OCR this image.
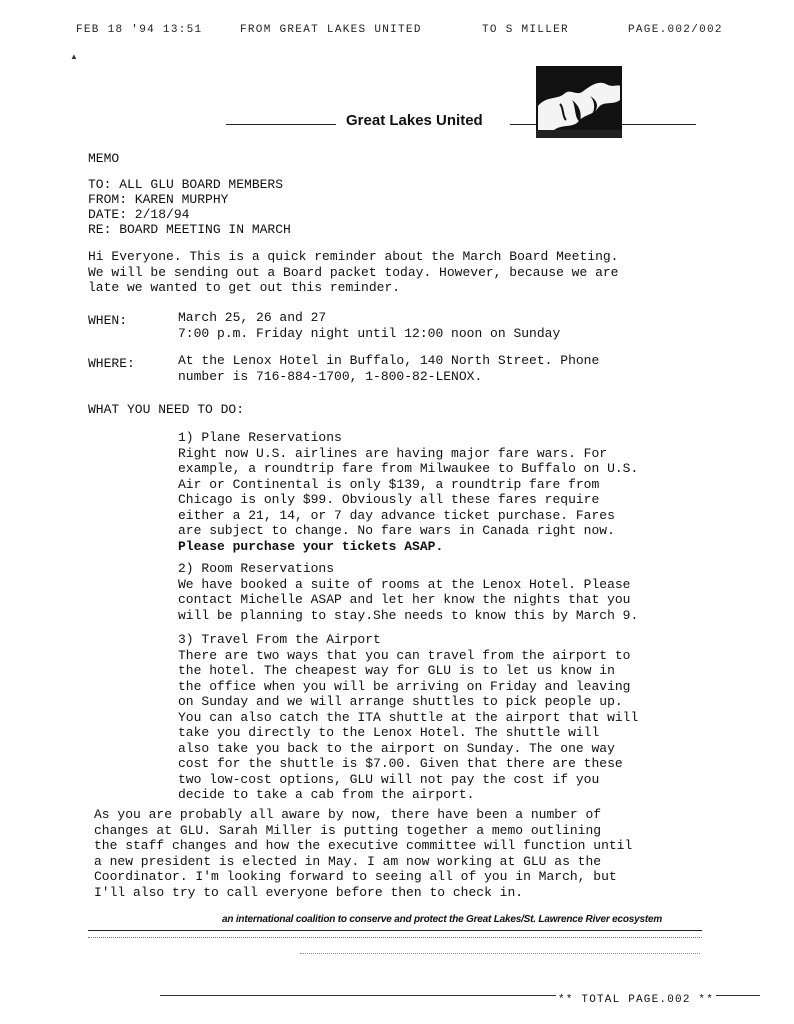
FEB 18 '94 13:51	FROM GREAT LAKES UNITED	TO S MILLER	PAGE.002/002
▲
Great Lakes United
MEMO
TO: ALL GLU BOARD MEMBERS
FROM: KAREN MURPHY
DATE: 2/18/94
RE: BOARD MEETING IN MARCH
Hi Everyone. This is a quick reminder about the March Board Meeting.
We will be sending out a Board packet today. However, because we are
late we wanted to get out this reminder.
WHEN:	March 25, 26 and 27
7:00 p.m. Friday night until 12:00 noon on Sunday
WHERE:	At the Lenox Hotel in Buffalo, 140 North Street. Phone
number is 716-884-1700, 1-800-82-LENOX.
WHAT YOU NEED TO DO:
1) Plane Reservations
Right now U.S. airlines are having major fare wars. For
example, a roundtrip fare from Milwaukee to Buffalo on U.S.
Air or Continental is only $139, a roundtrip fare from
Chicago is only $99. Obviously all these fares require
either a 21, 14, or 7 day advance ticket purchase. Fares
are subject to change. No fare wars in Canada right now.
Please purchase your tickets ASAP.
2) Room Reservations
We have booked a suite of rooms at the Lenox Hotel. Please
contact Michelle ASAP and let her know the nights that you
will be planning to stay.She needs to know this by March 9.
3) Travel From the Airport
There are two ways that you can travel from the airport to
the hotel. The cheapest way for GLU is to let us know in
the office when you will be arriving on Friday and leaving
on Sunday and we will arrange shuttles to pick people up.
You can also catch the ITA shuttle at the airport that will
take you directly to the Lenox Hotel. The shuttle will
also take you back to the airport on Sunday. The one way
cost for the shuttle is $7.00. Given that there are these
two low-cost options, GLU will not pay the cost if you
decide to take a cab from the airport.
As you are probably all aware by now, there have been a number of
changes at GLU. Sarah Miller is putting together a memo outlining
the staff changes and how the executive committee will function until
a new president is elected in May. I am now working at GLU as the
Coordinator. I'm looking forward to seeing all of you in March, but
I'll also try to call everyone before then to check in.
an international coalition to conserve and protect the Great Lakes/St. Lawrence River ecosystem
** TOTAL PAGE.002 **
